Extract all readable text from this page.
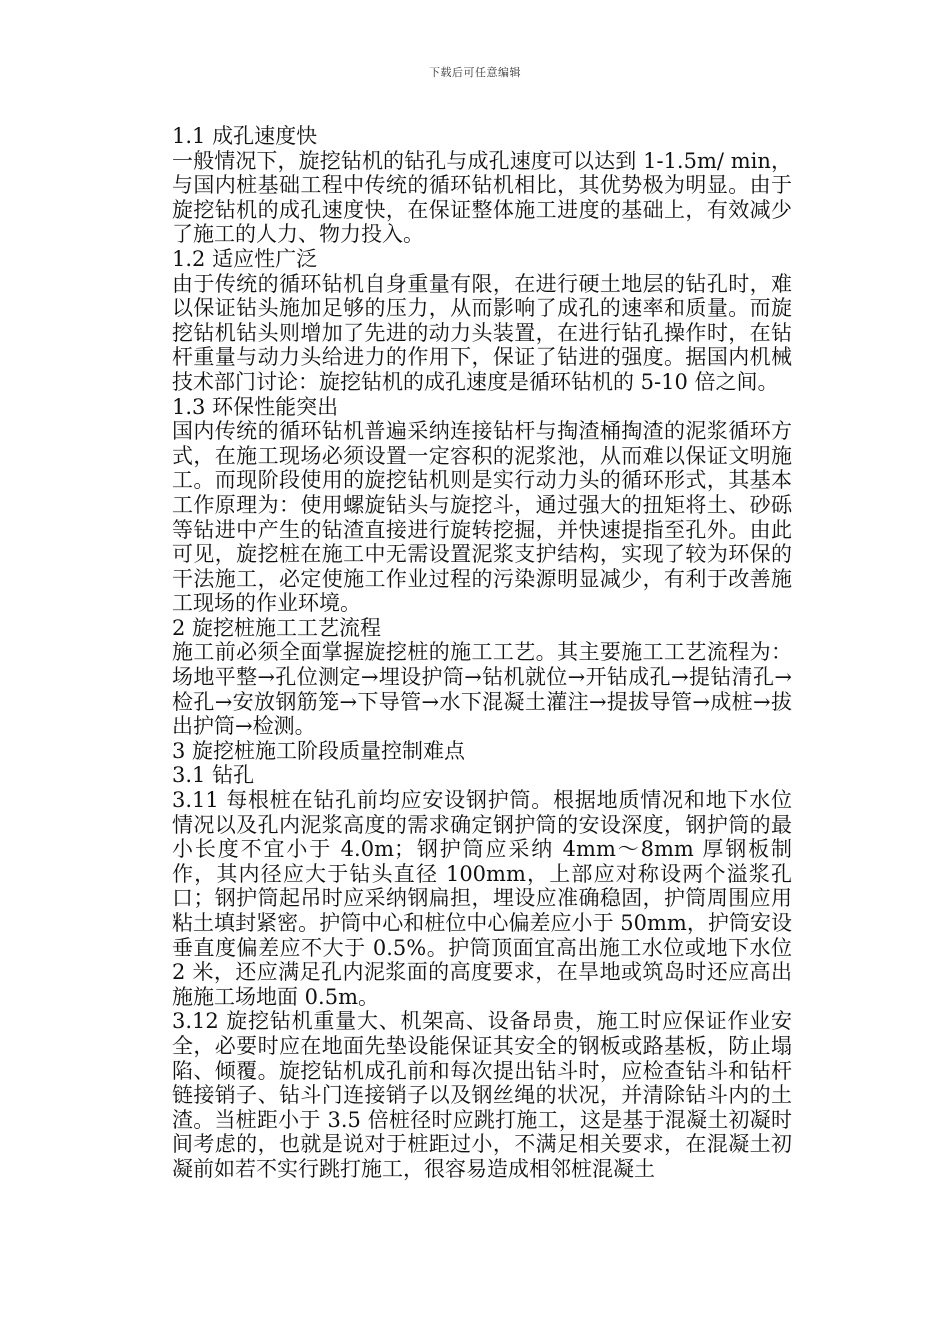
下载后可任意编辑

1.1 成孔速度快

一般情况下，旋挖钻机的钻孔与成孔速度可以达到 1-1.5m/ min，与国内桩基础工程中传统的循环钻机相比，其优势极为明显。由于旋挖钻机的成孔速度快，在保证整体施工进度的基础上，有效减少了施工的人力、物力投入。

1.2 适应性广泛

由于传统的循环钻机自身重量有限，在进行硬土地层的钻孔时，难以保证钻头施加足够的压力，从而影响了成孔的速率和质量。而旋挖钻机钻头则增加了先进的动力头装置，在进行钻孔操作时，在钻杆重量与动力头给进力的作用下，保证了钻进的强度。据国内机械技术部门讨论：旋挖钻机的成孔速度是循环钻机的 5-10 倍之间。

1.3 环保性能突出

国内传统的循环钻机普遍采纳连接钻杆与掏渣桶掏渣的泥浆循环方式，在施工现场必须设置一定容积的泥浆池，从而难以保证文明施工。而现阶段使用的旋挖钻机则是实行动力头的循环形式，其基本工作原理为：使用螺旋钻头与旋挖斗，通过强大的扭矩将土、砂砾等钻进中产生的钻渣直接进行旋转挖掘，并快速提指至孔外。由此可见，旋挖桩在施工中无需设置泥浆支护结构，实现了较为环保的干法施工，必定使施工作业过程的污染源明显减少，有利于改善施工现场的作业环境。

2 旋挖桩施工工艺流程

施工前必须全面掌握旋挖桩的施工工艺。其主要施工工艺流程为：场地平整→孔位测定→埋设护筒→钻机就位→开钻成孔→提钻清孔→检孔→安放钢筋笼→下导管→水下混凝土灌注→提拔导管→成桩→拔出护筒→检测。

3 旋挖桩施工阶段质量控制难点

3.1 钻孔

3.11 每根桩在钻孔前均应安设钢护筒。根据地质情况和地下水位情况以及孔内泥浆高度的需求确定钢护筒的安设深度，钢护筒的最小长度不宜小于 4.0m；钢护筒应采纳 4mm～8mm 厚钢板制作，其内径应大于钻头直径 100mm，上部应对称设两个溢浆孔口；钢护筒起吊时应采纳钢扁担，埋设应准确稳固，护筒周围应用粘土填封紧密。护筒中心和桩位中心偏差应小于 50mm，护筒安设垂直度偏差应不大于 0.5%。护筒顶面宜高出施工水位或地下水位 2 米，还应满足孔内泥浆面的高度要求，在旱地或筑岛时还应高出施施工场地面 0.5m。

3.12 旋挖钻机重量大、机架高、设备昂贵，施工时应保证作业安全，必要时应在地面先垫设能保证其安全的钢板或路基板，防止塌陷、倾覆。旋挖钻机成孔前和每次提出钻斗时，应检查钻斗和钻杆链接销子、钻斗门连接销子以及钢丝绳的状况，并清除钻斗内的土渣。当桩距小于 3.5 倍桩径时应跳打施工，这是基于混凝土初凝时间考虑的，也就是说对于桩距过小，不满足相关要求，在混凝土初凝前如若不实行跳打施工，很容易造成相邻桩混凝土
